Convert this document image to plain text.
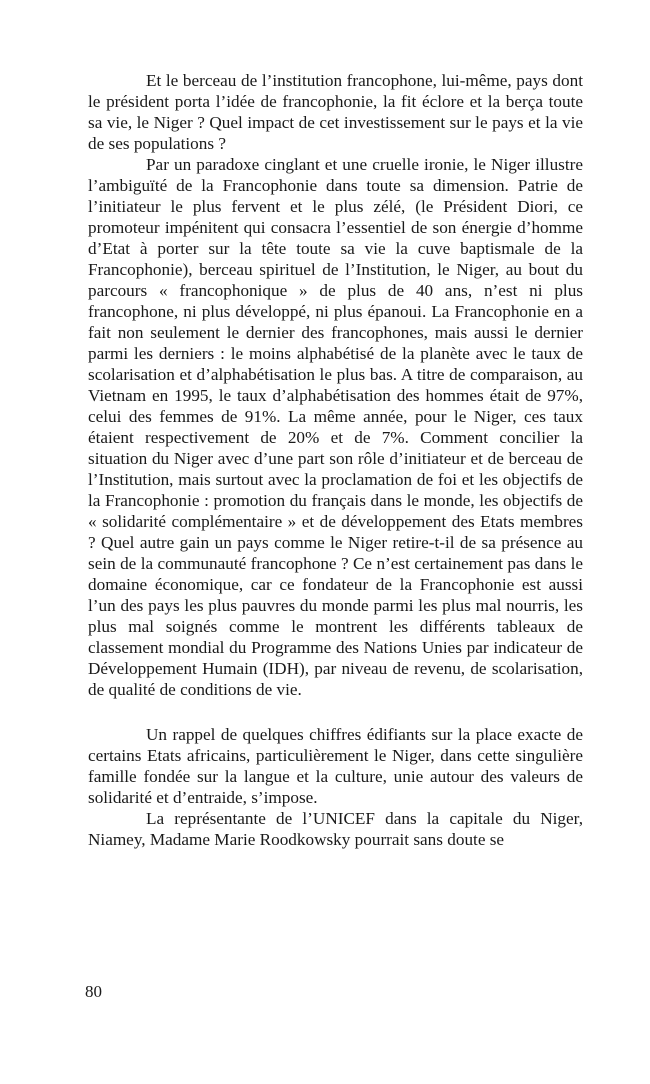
Et le berceau de l’institution francophone, lui-même, pays dont le président porta l’idée de francophonie, la fit éclore et la berça toute sa vie, le Niger ? Quel impact de cet investissement sur le pays et la vie de ses populations ?

Par un paradoxe cinglant et une cruelle ironie, le Niger illustre l’ambiguïté de la Francophonie dans toute sa dimension. Patrie de l’initiateur le plus fervent et le plus zélé, (le Président Diori, ce promoteur impénitent qui consacra l’essentiel de son énergie d’homme d’Etat à porter sur la tête toute sa vie la cuve baptismale de la Francophonie), berceau spirituel de l’Institution, le Niger, au bout du parcours « francophonique » de plus de 40 ans, n’est ni plus francophone, ni plus développé, ni plus épanoui. La Francophonie en a fait non seulement le dernier des francophones, mais aussi le dernier parmi les derniers : le moins alphabétisé de la planète avec le taux de scolarisation et d’alphabétisation le plus bas. A titre de comparaison, au Vietnam en 1995, le taux d’alphabétisation des hommes était de 97%, celui des femmes de 91%. La même année, pour le Niger, ces taux étaient respectivement de 20% et de 7%. Comment concilier la situation du Niger avec d’une part son rôle d’initiateur et de berceau de l’Institution, mais surtout avec la proclamation de foi et les objectifs de la Francophonie : promotion du français dans le monde, les objectifs de « solidarité complémentaire » et de développement des Etats membres ? Quel autre gain un pays comme le Niger retire-t-il de sa présence au sein de la communauté francophone ? Ce n’est certainement pas dans le domaine économique, car ce fondateur de la Francophonie est aussi l’un des pays les plus pauvres du monde parmi les plus mal nourris, les plus mal soignés comme le montrent les différents tableaux de classement mondial du Programme des Nations Unies par indicateur de Développement Humain (IDH), par niveau de revenu, de scolarisation, de qualité de conditions de vie.

Un rappel de quelques chiffres édifiants sur la place exacte de certains Etats africains, particulièrement le Niger, dans cette singulière famille fondée sur la langue et la culture, unie autour des valeurs de solidarité et d’entraide, s’impose.

La représentante de l’UNICEF dans la capitale du Niger, Niamey, Madame Marie Roodkowsky pourrait sans doute se

80
